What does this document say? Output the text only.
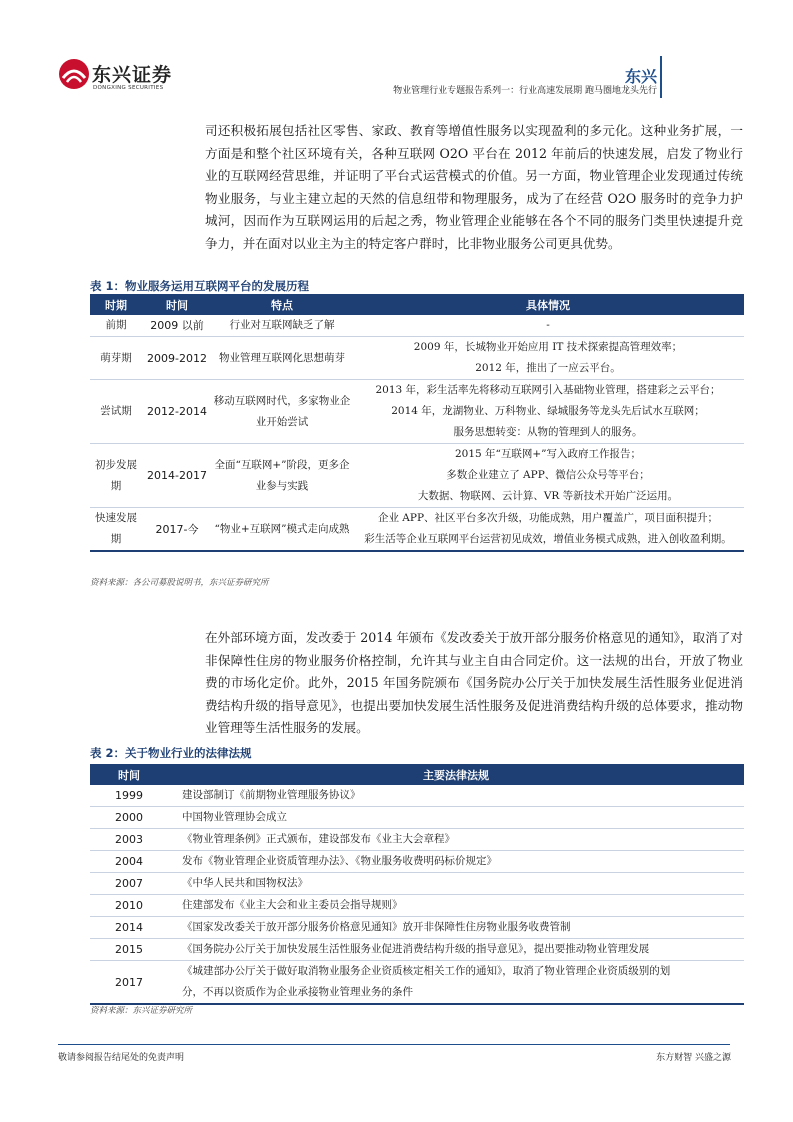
东兴证券
DONGXING SECURITIES
东兴
物业管理行业专题报告系列一：行业高速发展期 跑马圈地龙头先行
司还积极拓展包括社区零售、家政、教育等增值性服务以实现盈利的多元化。这种业务扩展，一方面是和整个社区环境有关，各种互联网 O2O 平台在 2012 年前后的快速发展，启发了物业行业的互联网经营思维，并证明了平台式运营模式的价值。另一方面，物业管理企业发现通过传统物业服务，与业主建立起的天然的信息纽带和物理服务，成为了在经营 O2O 服务时的竞争力护城河，因而作为互联网运用的后起之秀，物业管理企业能够在各个不同的服务门类里快速提升竞争力，并在面对以业主为主的特定客户群时，比非物业服务公司更具优势。
表 1：物业服务运用互联网平台的发展历程
时期	时间	特点	具体情况
前期	2009 以前	行业对互联网缺乏了解	-

萌芽期	2009-2012	物业管理互联网化思想萌芽	2009 年，长城物业开始应用 IT 技术探索提高管理效率；
2012 年，推出了一应云平台。

尝试期	2012-2014	移动互联网时代，多家物业企业开始尝试	2013 年，彩生活率先将移动互联网引入基础物业管理，搭建彩之云平台；
2014 年，龙湖物业、万科物业、绿城服务等龙头先后试水互联网；
服务思想转变：从物的管理到人的服务。

初步发展期	2014-2017	全面“互联网+”阶段，更多企业参与实践	2015 年“互联网+”写入政府工作报告；
多数企业建立了 APP、微信公众号等平台；
大数据、物联网、云计算、VR 等新技术开始广泛运用。

快速发展期	2017-今	“物业+互联网”模式走向成熟	企业 APP、社区平台多次升级，功能成熟，用户覆盖广，项目面积提升；
彩生活等企业互联网平台运营初见成效，增值业务模式成熟，进入创收盈利期。
资料来源：各公司募股说明书，东兴证券研究所
在外部环境方面，发改委于 2014 年颁布《发改委关于放开部分服务价格意见的通知》，取消了对非保障性住房的物业服务价格控制，允许其与业主自由合同定价。这一法规的出台，开放了物业费的市场化定价。此外，2015 年国务院颁布《国务院办公厅关于加快发展生活性服务业促进消费结构升级的指导意见》，也提出要加快发展生活性服务及促进消费结构升级的总体要求，推动物业管理等生活性服务的发展。
表 2：关于物业行业的法律法规
时间	主要法律法规
1999	建设部制订《前期物业管理服务协议》
2000	中国物业管理协会成立
2003	《物业管理条例》正式颁布，建设部发布《业主大会章程》
2004	发布《物业管理企业资质管理办法》、《物业服务收费明码标价规定》
2007	《中华人民共和国物权法》
2010	住建部发布《业主大会和业主委员会指导规则》
2014	《国家发改委关于放开部分服务价格意见通知》放开非保障性住房物业服务收费管制
2015	《国务院办公厅关于加快发展生活性服务业促进消费结构升级的指导意见》，提出要推动物业管理发展
2017	《城建部办公厅关于做好取消物业服务企业资质核定相关工作的通知》，取消了物业管理企业资质级别的划
分，不再以资质作为企业承接物业管理业务的条件
资料来源：东兴证券研究所
敬请参阅报告结尾处的免责声明	东方财智 兴盛之源
